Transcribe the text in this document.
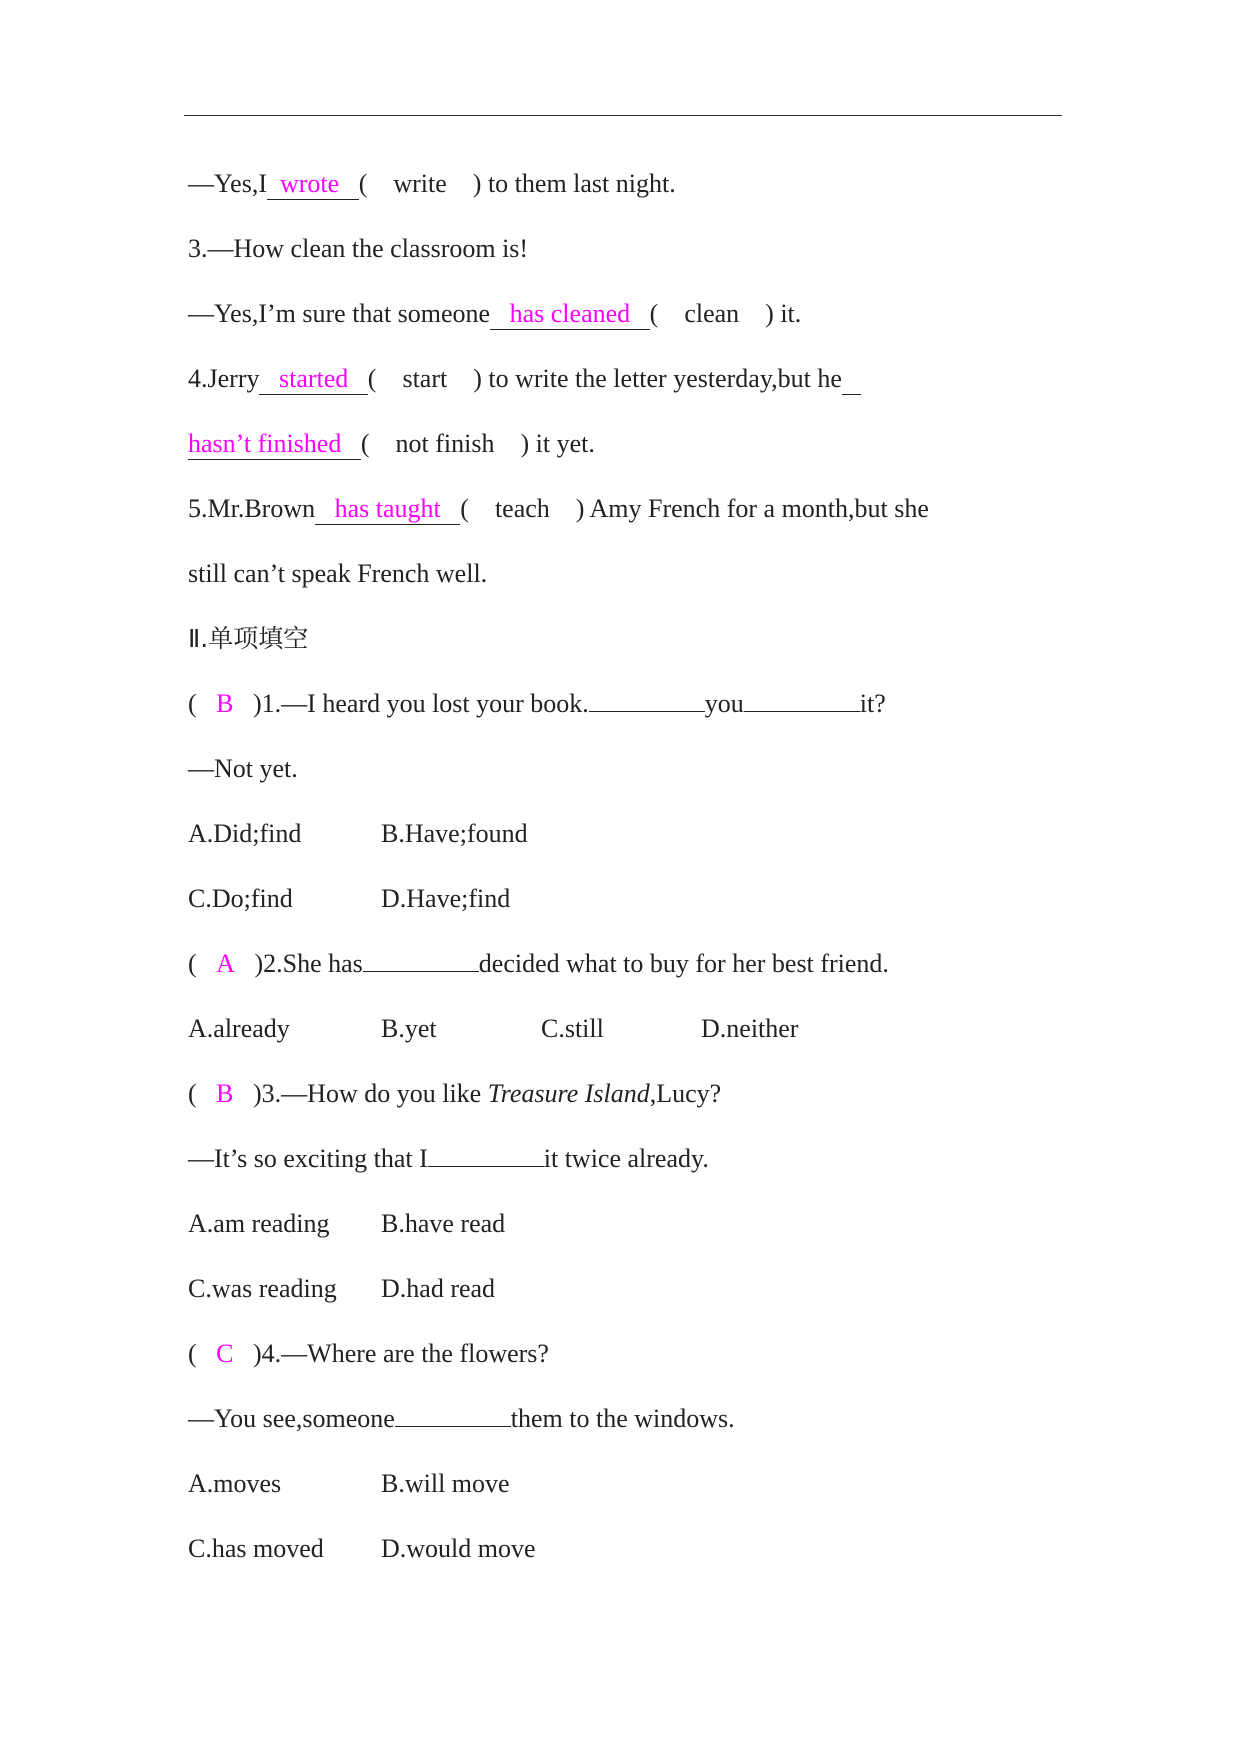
—Yes,I wrote (    write ) to them last night.
3.—How clean the classroom is!
—Yes,I’m sure that someone has cleaned (    clean ) it.
4.Jerry started (    start ) to write the letter yesterday,but he
hasn’t finished (    not finish ) it yet.
5.Mr.Brown has taught (    teach ) Amy French for a month,but she
still can’t speak French well.
Ⅱ.单项填空
(   B )1.—I heard you lost your book.	you	it?
—Not yet.
A.Did;find	B.Have;found
C.Do;find	D.Have;find
(   A )2.She has	decided what to buy for her best friend.
A.already	B.yet	C.still	D.neither
(   B )3.—How do you like Treasure Island,Lucy?
—It’s so exciting that I	it twice already.
A.am reading B.have read
C.was reading D.had read
(   C )4.—Where are the flowers?
—You see,someone	them to the windows.
A.moves	B.will move
C.has moved D.would move
